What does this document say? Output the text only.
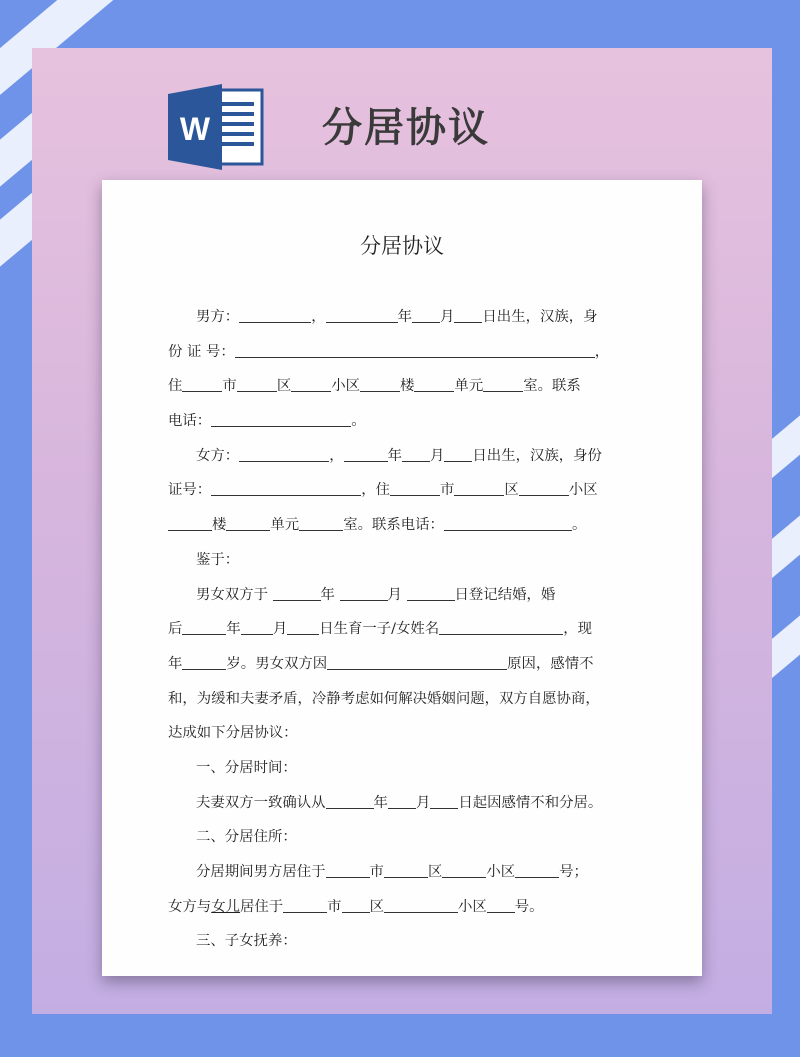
W	分居协议
分居协议
男方：	，	年 月 日出生，汉族，身
份 证 号：	，
住	市	区	小区	楼	单元	室。联系
电话：	。
女方：	，	年 月 日出生，汉族，身份
证号：	，住	市	区	小区
楼	单元	室。联系电话：	。
鉴于：
男女双方于	年	月	日登记结婚，婚
后	年 月 日生育一子/女姓名	，现
年	岁。男女双方因	原因，感情不
和，为缓和夫妻矛盾，冷静考虑如何解决婚姻问题，双方自愿协商，
达成如下分居协议：
一、分居时间：
夫妻双方一致确认从	年 月 日起因感情不和分居。
二、分居住所：
分居期间男方居住于	市	区	小区	号；
女方与女儿居住于	市 区	小区 号。
三、子女抚养：
